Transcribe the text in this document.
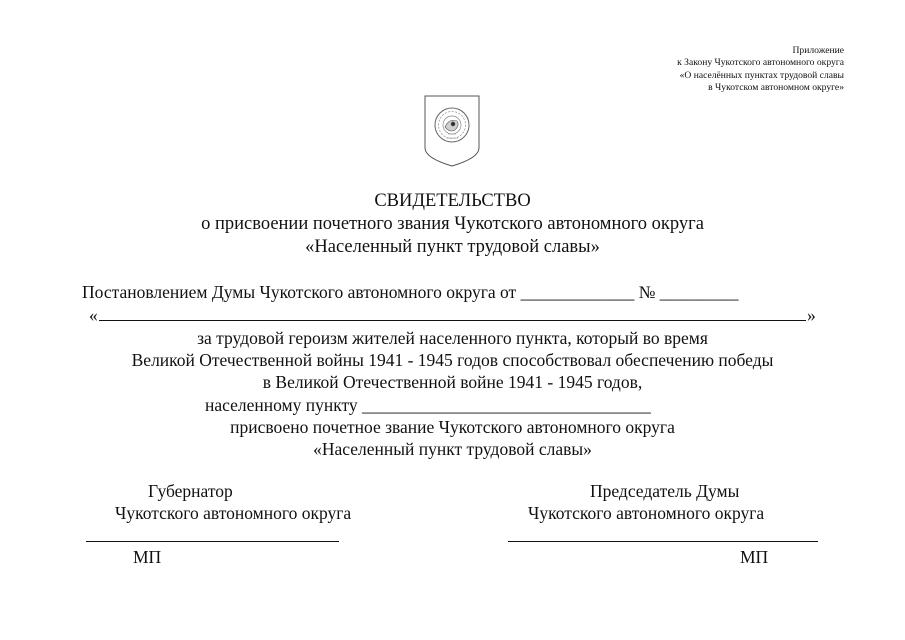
Приложение
к Закону Чукотского автономного округа
«О населённых пунктах трудовой славы
в Чукотском автономном округе»
СВИДЕТЕЛЬСТВО
о присвоении почетного звания Чукотского автономного округа
«Населенный пункт трудовой славы»
Постановлением Думы Чукотского автономного округа от _____________ № _________
«	»
за трудовой героизм жителей населенного пункта, который во время
Великой Отечественной войны 1941 - 1945 годов способствовал обеспечению победы
в Великой Отечественной войне 1941 - 1945 годов,
населенному пункту _________________________________
присвоено почетное звание Чукотского автономного округа
«Населенный пункт трудовой славы»
Губернатор
Чукотского автономного округа
Председатель Думы
Чукотского автономного округа
МП	МП
